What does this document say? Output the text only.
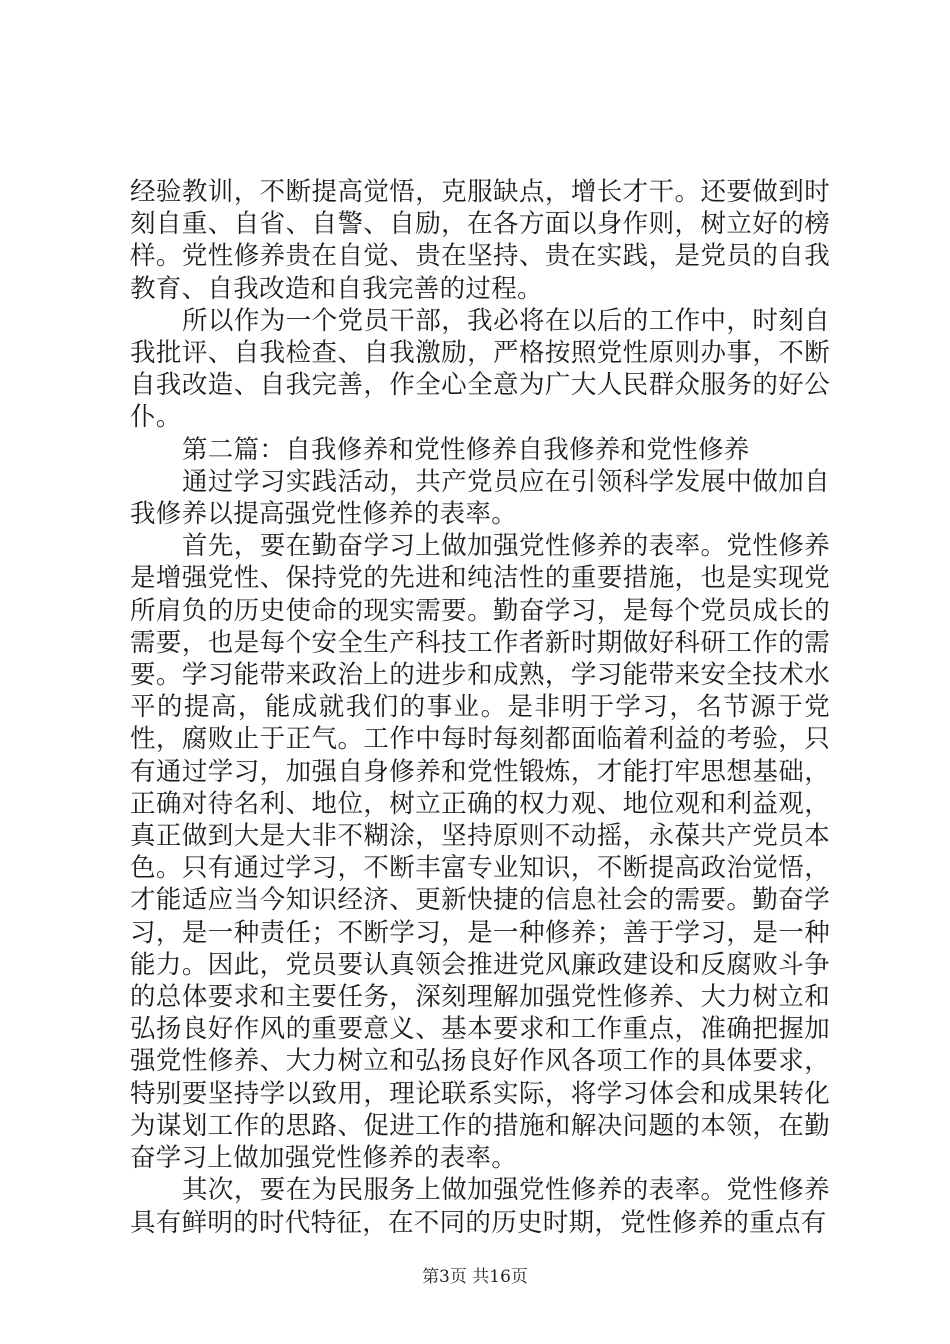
经验教训，不断提高觉悟，克服缺点，增长才干。还要做到时刻自重、自省、自警、自励，在各方面以身作则，树立好的榜样。党性修养贵在自觉、贵在坚持、贵在实践，是党员的自我教育、自我改造和自我完善的过程。

所以作为一个党员干部，我必将在以后的工作中，时刻自我批评、自我检查、自我激励，严格按照党性原则办事，不断自我改造、自我完善，作全心全意为广大人民群众服务的好公仆。

第二篇：自我修养和党性修养自我修养和党性修养

通过学习实践活动，共产党员应在引领科学发展中做加自我修养以提高强党性修养的表率。

首先，要在勤奋学习上做加强党性修养的表率。党性修养是增强党性、保持党的先进和纯洁性的重要措施，也是实现党所肩负的历史使命的现实需要。勤奋学习，是每个党员成长的需要，也是每个安全生产科技工作者新时期做好科研工作的需要。学习能带来政治上的进步和成熟，学习能带来安全技术水平的提高，能成就我们的事业。是非明于学习，名节源于党性，腐败止于正气。工作中每时每刻都面临着利益的考验，只有通过学习，加强自身修养和党性锻炼，才能打牢思想基础，正确对待名利、地位，树立正确的权力观、地位观和利益观，真正做到大是大非不糊涂，坚持原则不动摇，永葆共产党员本色。只有通过学习，不断丰富专业知识，不断提高政治觉悟，才能适应当今知识经济、更新快捷的信息社会的需要。勤奋学习，是一种责任；不断学习，是一种修养；善于学习，是一种能力。因此，党员要认真领会推进党风廉政建设和反腐败斗争的总体要求和主要任务，深刻理解加强党性修养、大力树立和弘扬良好作风的重要意义、基本要求和工作重点，准确把握加强党性修养、大力树立和弘扬良好作风各项工作的具体要求，特别要坚持学以致用，理论联系实际，将学习体会和成果转化为谋划工作的思路、促进工作的措施和解决问题的本领，在勤奋学习上做加强党性修养的表率。

其次，要在为民服务上做加强党性修养的表率。党性修养具有鲜明的时代特征，在不同的历史时期，党性修养的重点有

第3页 共16页
